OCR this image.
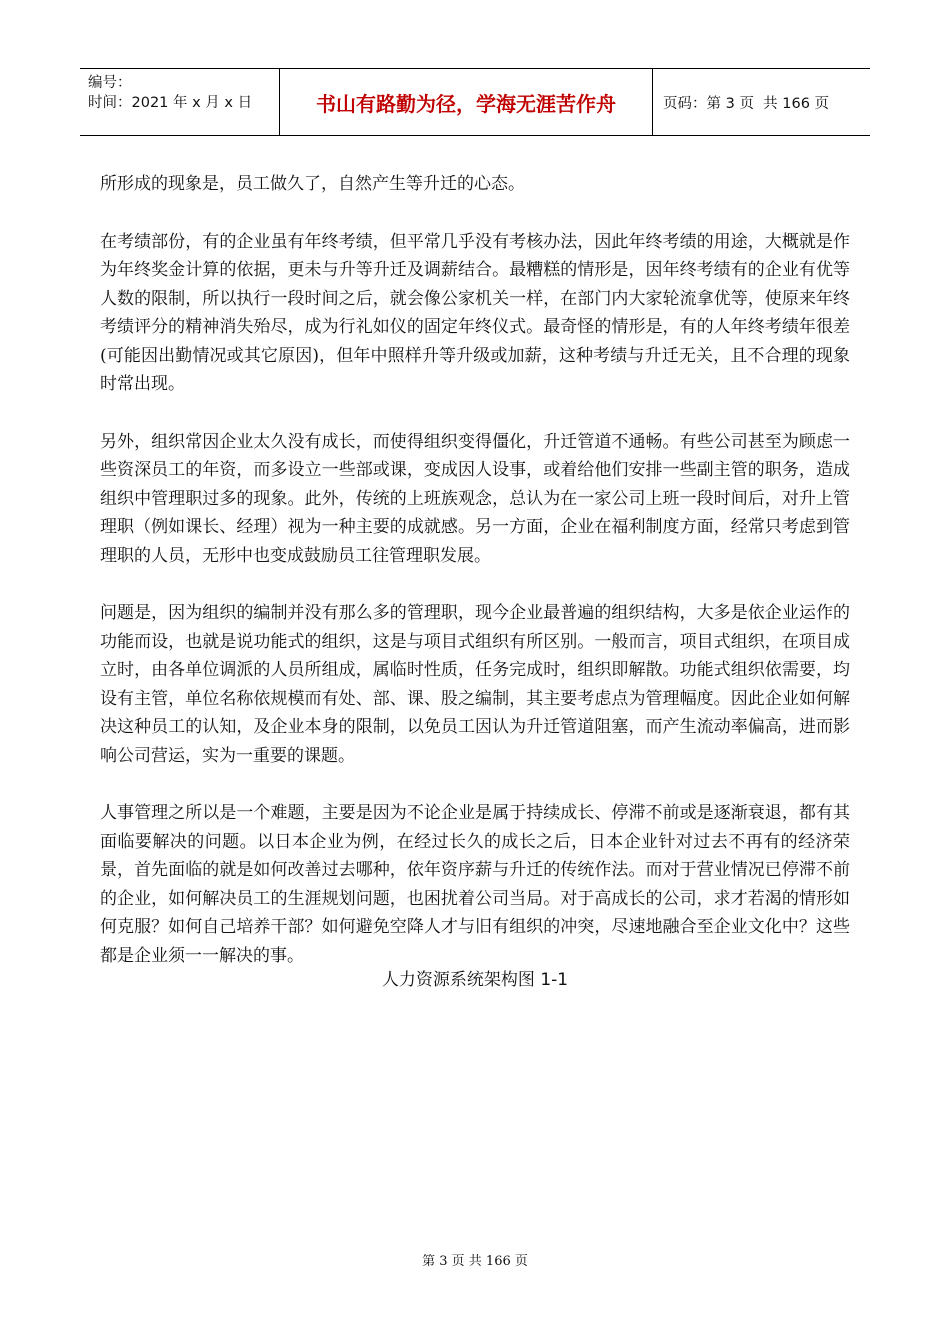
编号：
时间：2021 年 x 月 x 日	书山有路勤为径，学海无涯苦作舟	页码：第 3 页  共 166 页

所形成的现象是，员工做久了，自然产生等升迁的心态。

在考绩部份，有的企业虽有年终考绩，但平常几乎没有考核办法，因此年终考绩的用途，大概就是作为年终奖金计算的依据，更未与升等升迁及调薪结合。最糟糕的情形是，因年终考绩有的企业有优等人数的限制，所以执行一段时间之后，就会像公家机关一样，在部门内大家轮流拿优等，使原来年终考绩评分的精神消失殆尽，成为行礼如仪的固定年终仪式。最奇怪的情形是，有的人年终考绩年很差(可能因出勤情况或其它原因)，但年中照样升等升级或加薪，这种考绩与升迁无关，且不合理的现象时常出现。

另外，组织常因企业太久没有成长，而使得组织变得僵化，升迁管道不通畅。有些公司甚至为顾虑一些资深员工的年资，而多设立一些部或课，变成因人设事，或着给他们安排一些副主管的职务，造成组织中管理职过多的现象。此外，传统的上班族观念，总认为在一家公司上班一段时间后，对升上管理职（例如课长、经理）视为一种主要的成就感。另一方面，企业在福利制度方面，经常只考虑到管理职的人员，无形中也变成鼓励员工往管理职发展。

问题是，因为组织的编制并没有那么多的管理职，现今企业最普遍的组织结构，大多是依企业运作的功能而设，也就是说功能式的组织，这是与项目式组织有所区别。一般而言，项目式组织，在项目成立时，由各单位调派的人员所组成，属临时性质，任务完成时，组织即解散。功能式组织依需要，均设有主管，单位名称依规模而有处、部、课、股之编制，其主要考虑点为管理幅度。因此企业如何解决这种员工的认知，及企业本身的限制，以免员工因认为升迁管道阻塞，而产生流动率偏高，进而影响公司营运，实为一重要的课题。

人事管理之所以是一个难题，主要是因为不论企业是属于持续成长、停滞不前或是逐渐衰退，都有其面临要解决的问题。以日本企业为例，在经过长久的成长之后，日本企业针对过去不再有的经济荣景，首先面临的就是如何改善过去哪种，依年资序薪与升迁的传统作法。而对于营业情况已停滞不前的企业，如何解决员工的生涯规划问题，也困扰着公司当局。对于高成长的公司，求才若渴的情形如何克服？如何自己培养干部？如何避免空降人才与旧有组织的冲突，尽速地融合至企业文化中？这些都是企业须一一解决的事。

人力资源系统架构图 1-1
第 3 页 共 166 页
